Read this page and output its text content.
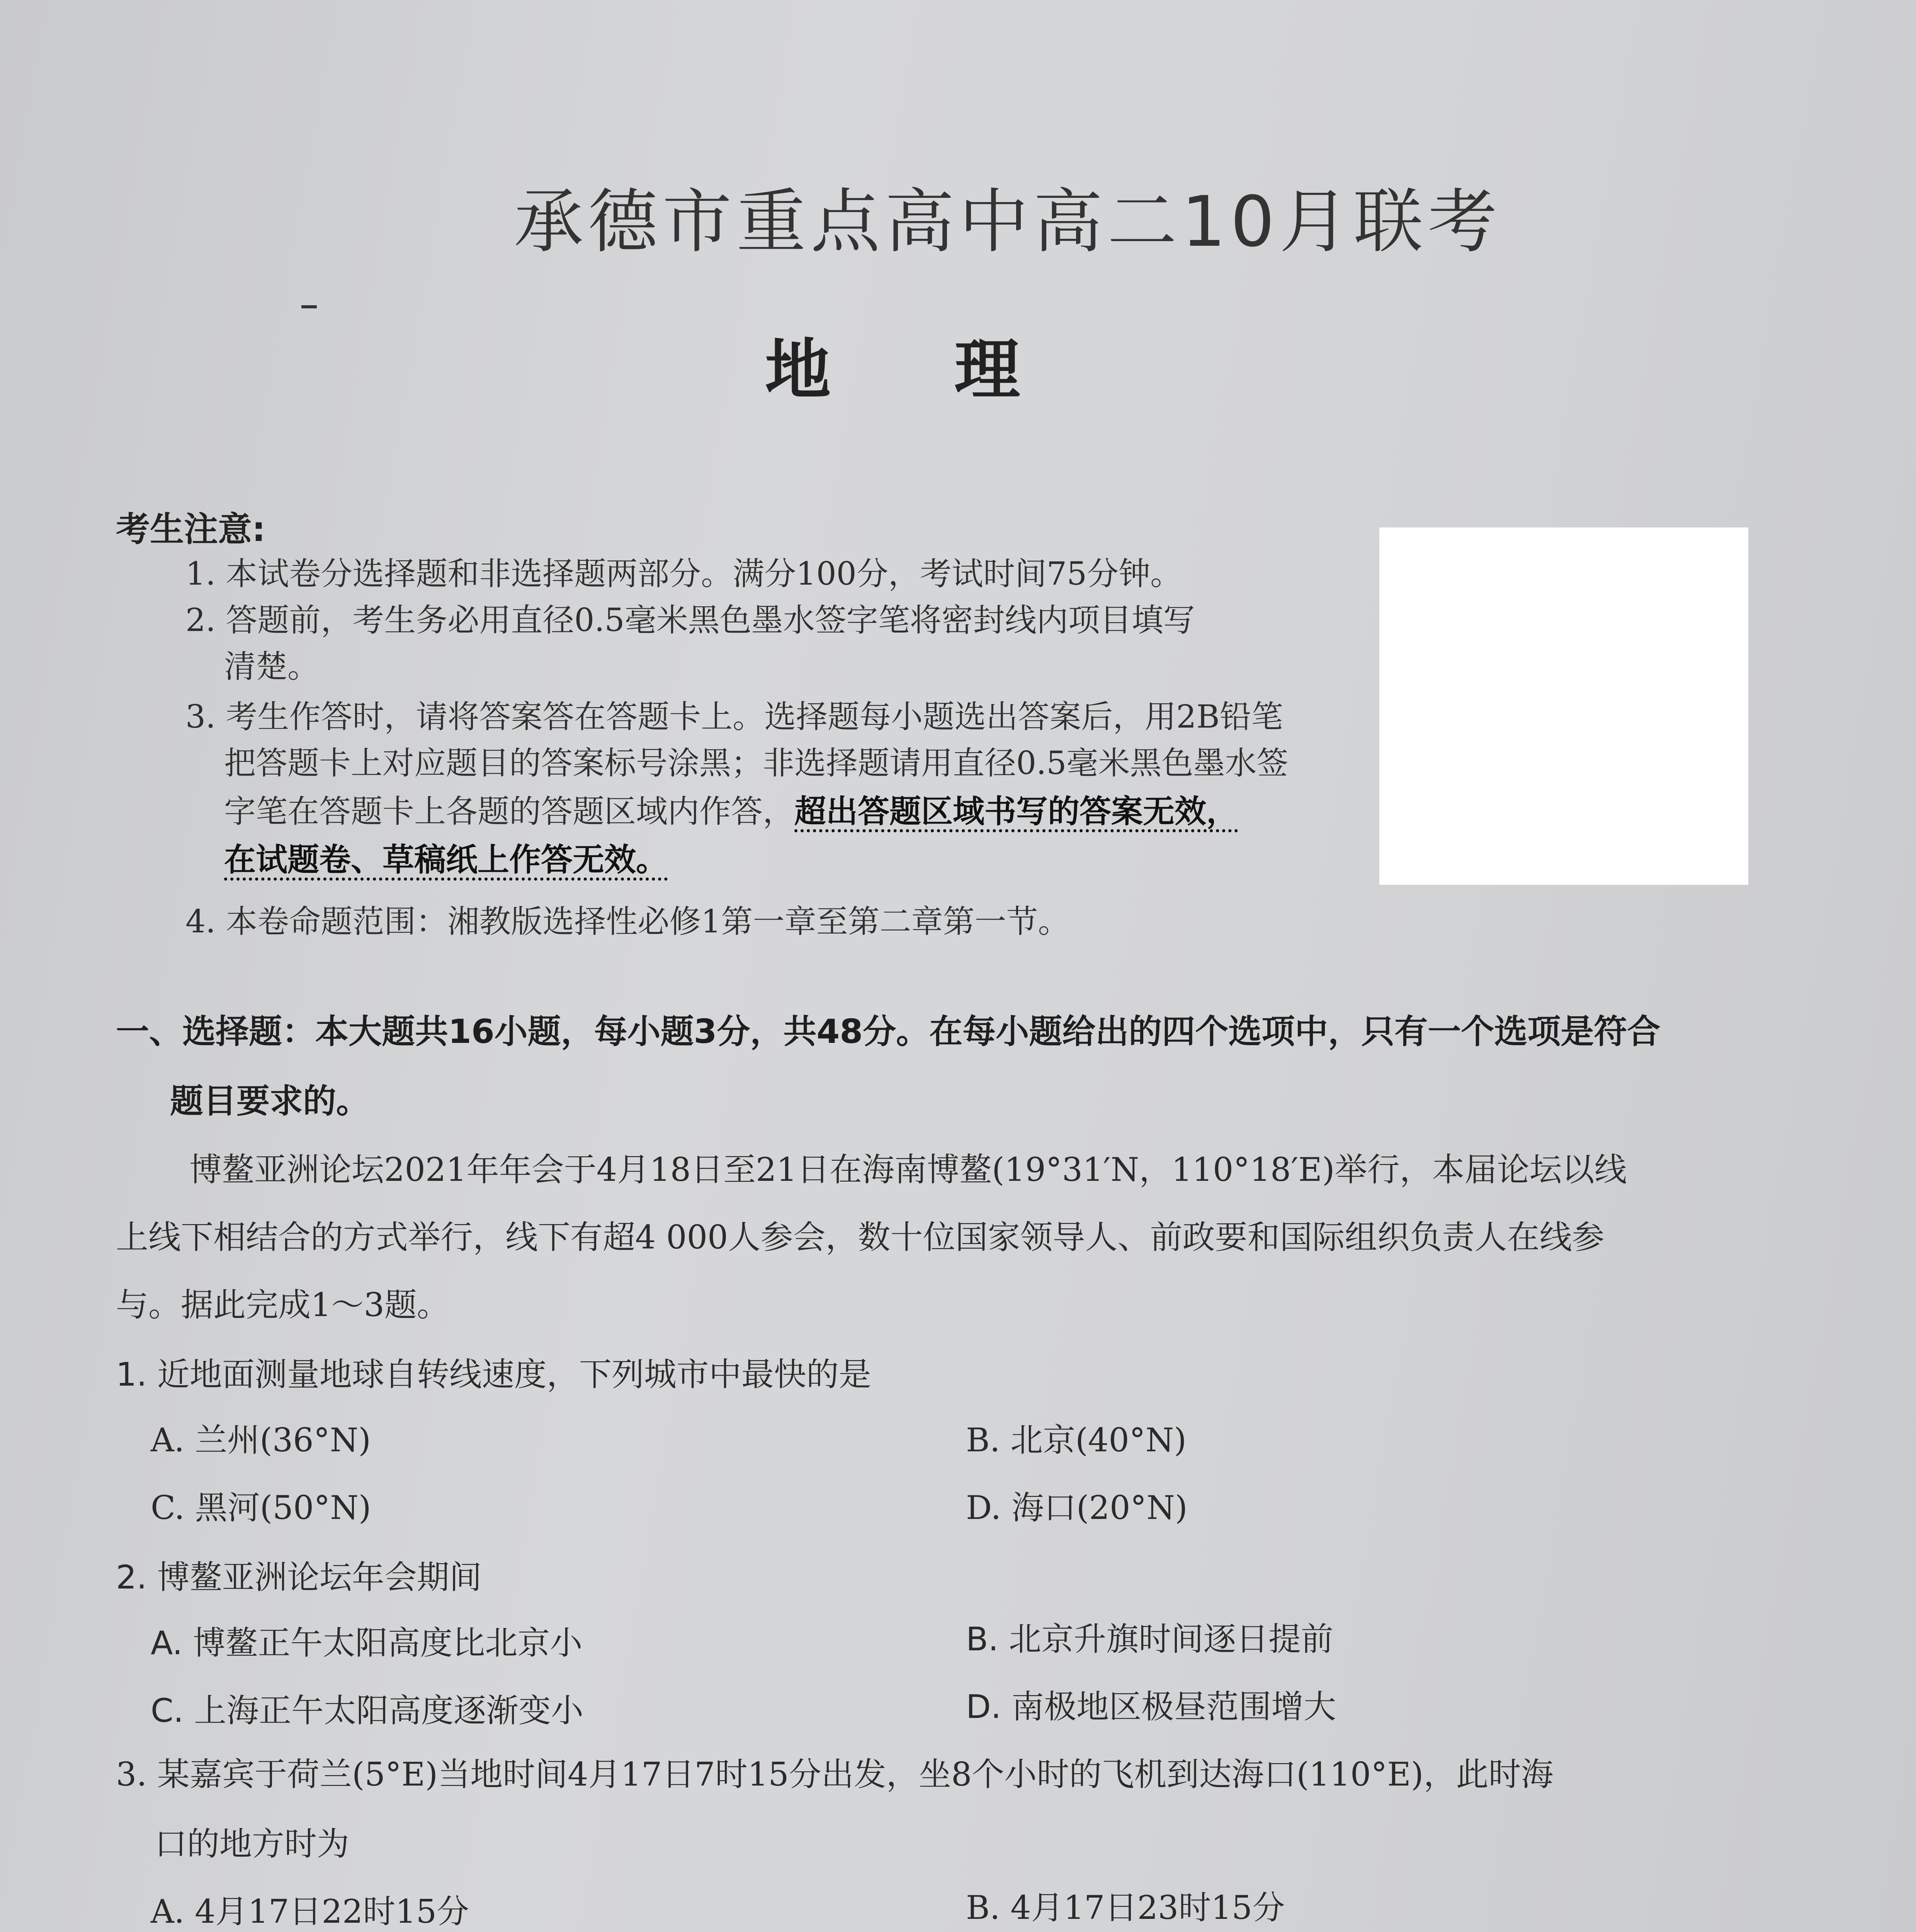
承德市重点高中高二10月联考
地理
考生注意:
1. 本试卷分选择题和非选择题两部分。满分100分，考试时间75分钟。
2. 答题前，考生务必用直径0.5毫米黑色墨水签字笔将密封线内项目填写
清楚。
3. 考生作答时，请将答案答在答题卡上。选择题每小题选出答案后，用2B铅笔
把答题卡上对应题目的答案标号涂黑；非选择题请用直径0.5毫米黑色墨水签
字笔在答题卡上各题的答题区域内作答，超出答题区域书写的答案无效，
在试题卷、草稿纸上作答无效。
4. 本卷命题范围：湘教版选择性必修1第一章至第二章第一节。
一、选择题：本大题共16小题，每小题3分，共48分。在每小题给出的四个选项中，只有一个选项是符合
题目要求的。
博鳌亚洲论坛2021年年会于4月18日至21日在海南博鳌(19°31′N，110°18′E)举行，本届论坛以线
上线下相结合的方式举行，线下有超4 000人参会，数十位国家领导人、前政要和国际组织负责人在线参
与。据此完成1～3题。
1. 近地面测量地球自转线速度，下列城市中最快的是
A. 兰州(36°N)	B. 北京(40°N)
C. 黑河(50°N)	D. 海口(20°N)
2. 博鳌亚洲论坛年会期间
A. 博鳌正午太阳高度比北京小	B. 北京升旗时间逐日提前
C. 上海正午太阳高度逐渐变小	D. 南极地区极昼范围增大
3. 某嘉宾于荷兰(5°E)当地时间4月17日7时15分出发，坐8个小时的飞机到达海口(110°E)，此时海
口的地方时为
A. 4月17日22时15分	B. 4月17日23时15分
